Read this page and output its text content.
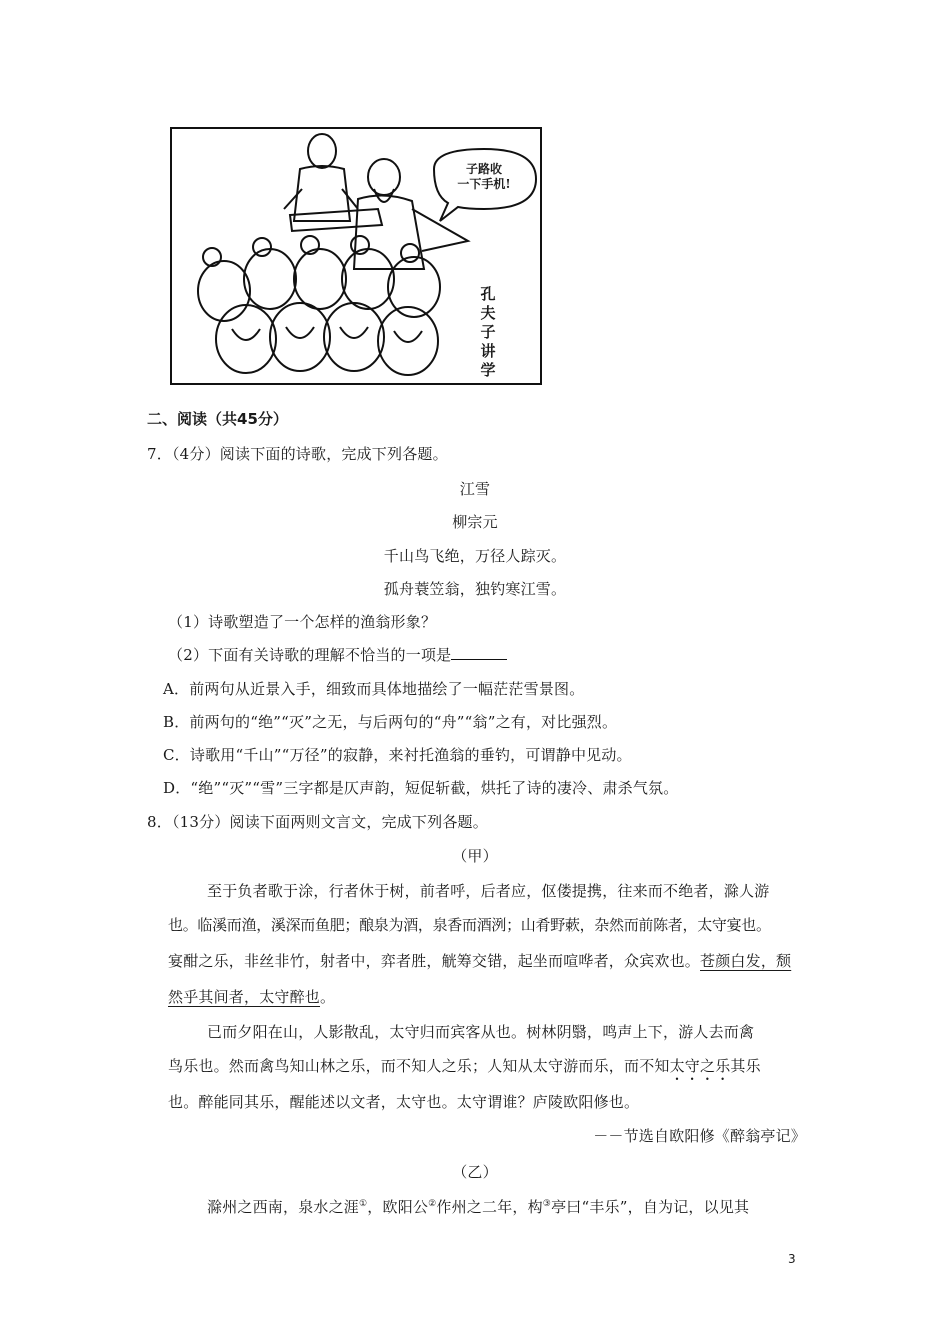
子路收
一下手机!
孔
夫
子
讲
学
二、阅读（共45分）
7．（4分）阅读下面的诗歌，完成下列各题。
江雪
柳宗元
千山鸟飞绝，万径人踪灭。
孤舟蓑笠翁，独钓寒江雪。
（1）诗歌塑造了一个怎样的渔翁形象？
（2）下面有关诗歌的理解不恰当的一项是
A．前两句从近景入手，细致而具体地描绘了一幅茫茫雪景图。
B．前两句的“绝”“灭”之无，与后两句的“舟”“翁”之有，对比强烈。
C．诗歌用“千山”“万径”的寂静，来衬托渔翁的垂钓，可谓静中见动。
D．“绝”“灭”“雪”三字都是仄声韵，短促斩截，烘托了诗的凄冷、肃杀气氛。
8．（13分）阅读下面两则文言文，完成下列各题。
（甲）
至于负者歌于涂，行者休于树，前者呼，后者应，伛偻提携，往来而不绝者，滁人游
也。临溪而渔，溪深而鱼肥；酿泉为酒，泉香而酒洌；山肴野蔌，杂然而前陈者，太守宴也。
宴酣之乐，非丝非竹，射者中，弈者胜，觥筹交错，起坐而喧哗者，众宾欢也。苍颜白发，颓
然乎其间者，太守醉也。
已而夕阳在山，人影散乱，太守归而宾客从也。树林阴翳，鸣声上下，游人去而禽
鸟乐也。然而禽鸟知山林之乐，而不知人之乐；人知从太守游而乐，而不知太守之乐其乐
也。醉能同其乐，醒能述以文者，太守也。太守谓谁？庐陵欧阳修也。
－－节选自欧阳修《醉翁亭记》
（乙）
滁州之西南，泉水之涯①，欧阳公②作州之二年，构③亭曰“丰乐”，自为记，以见其
3
